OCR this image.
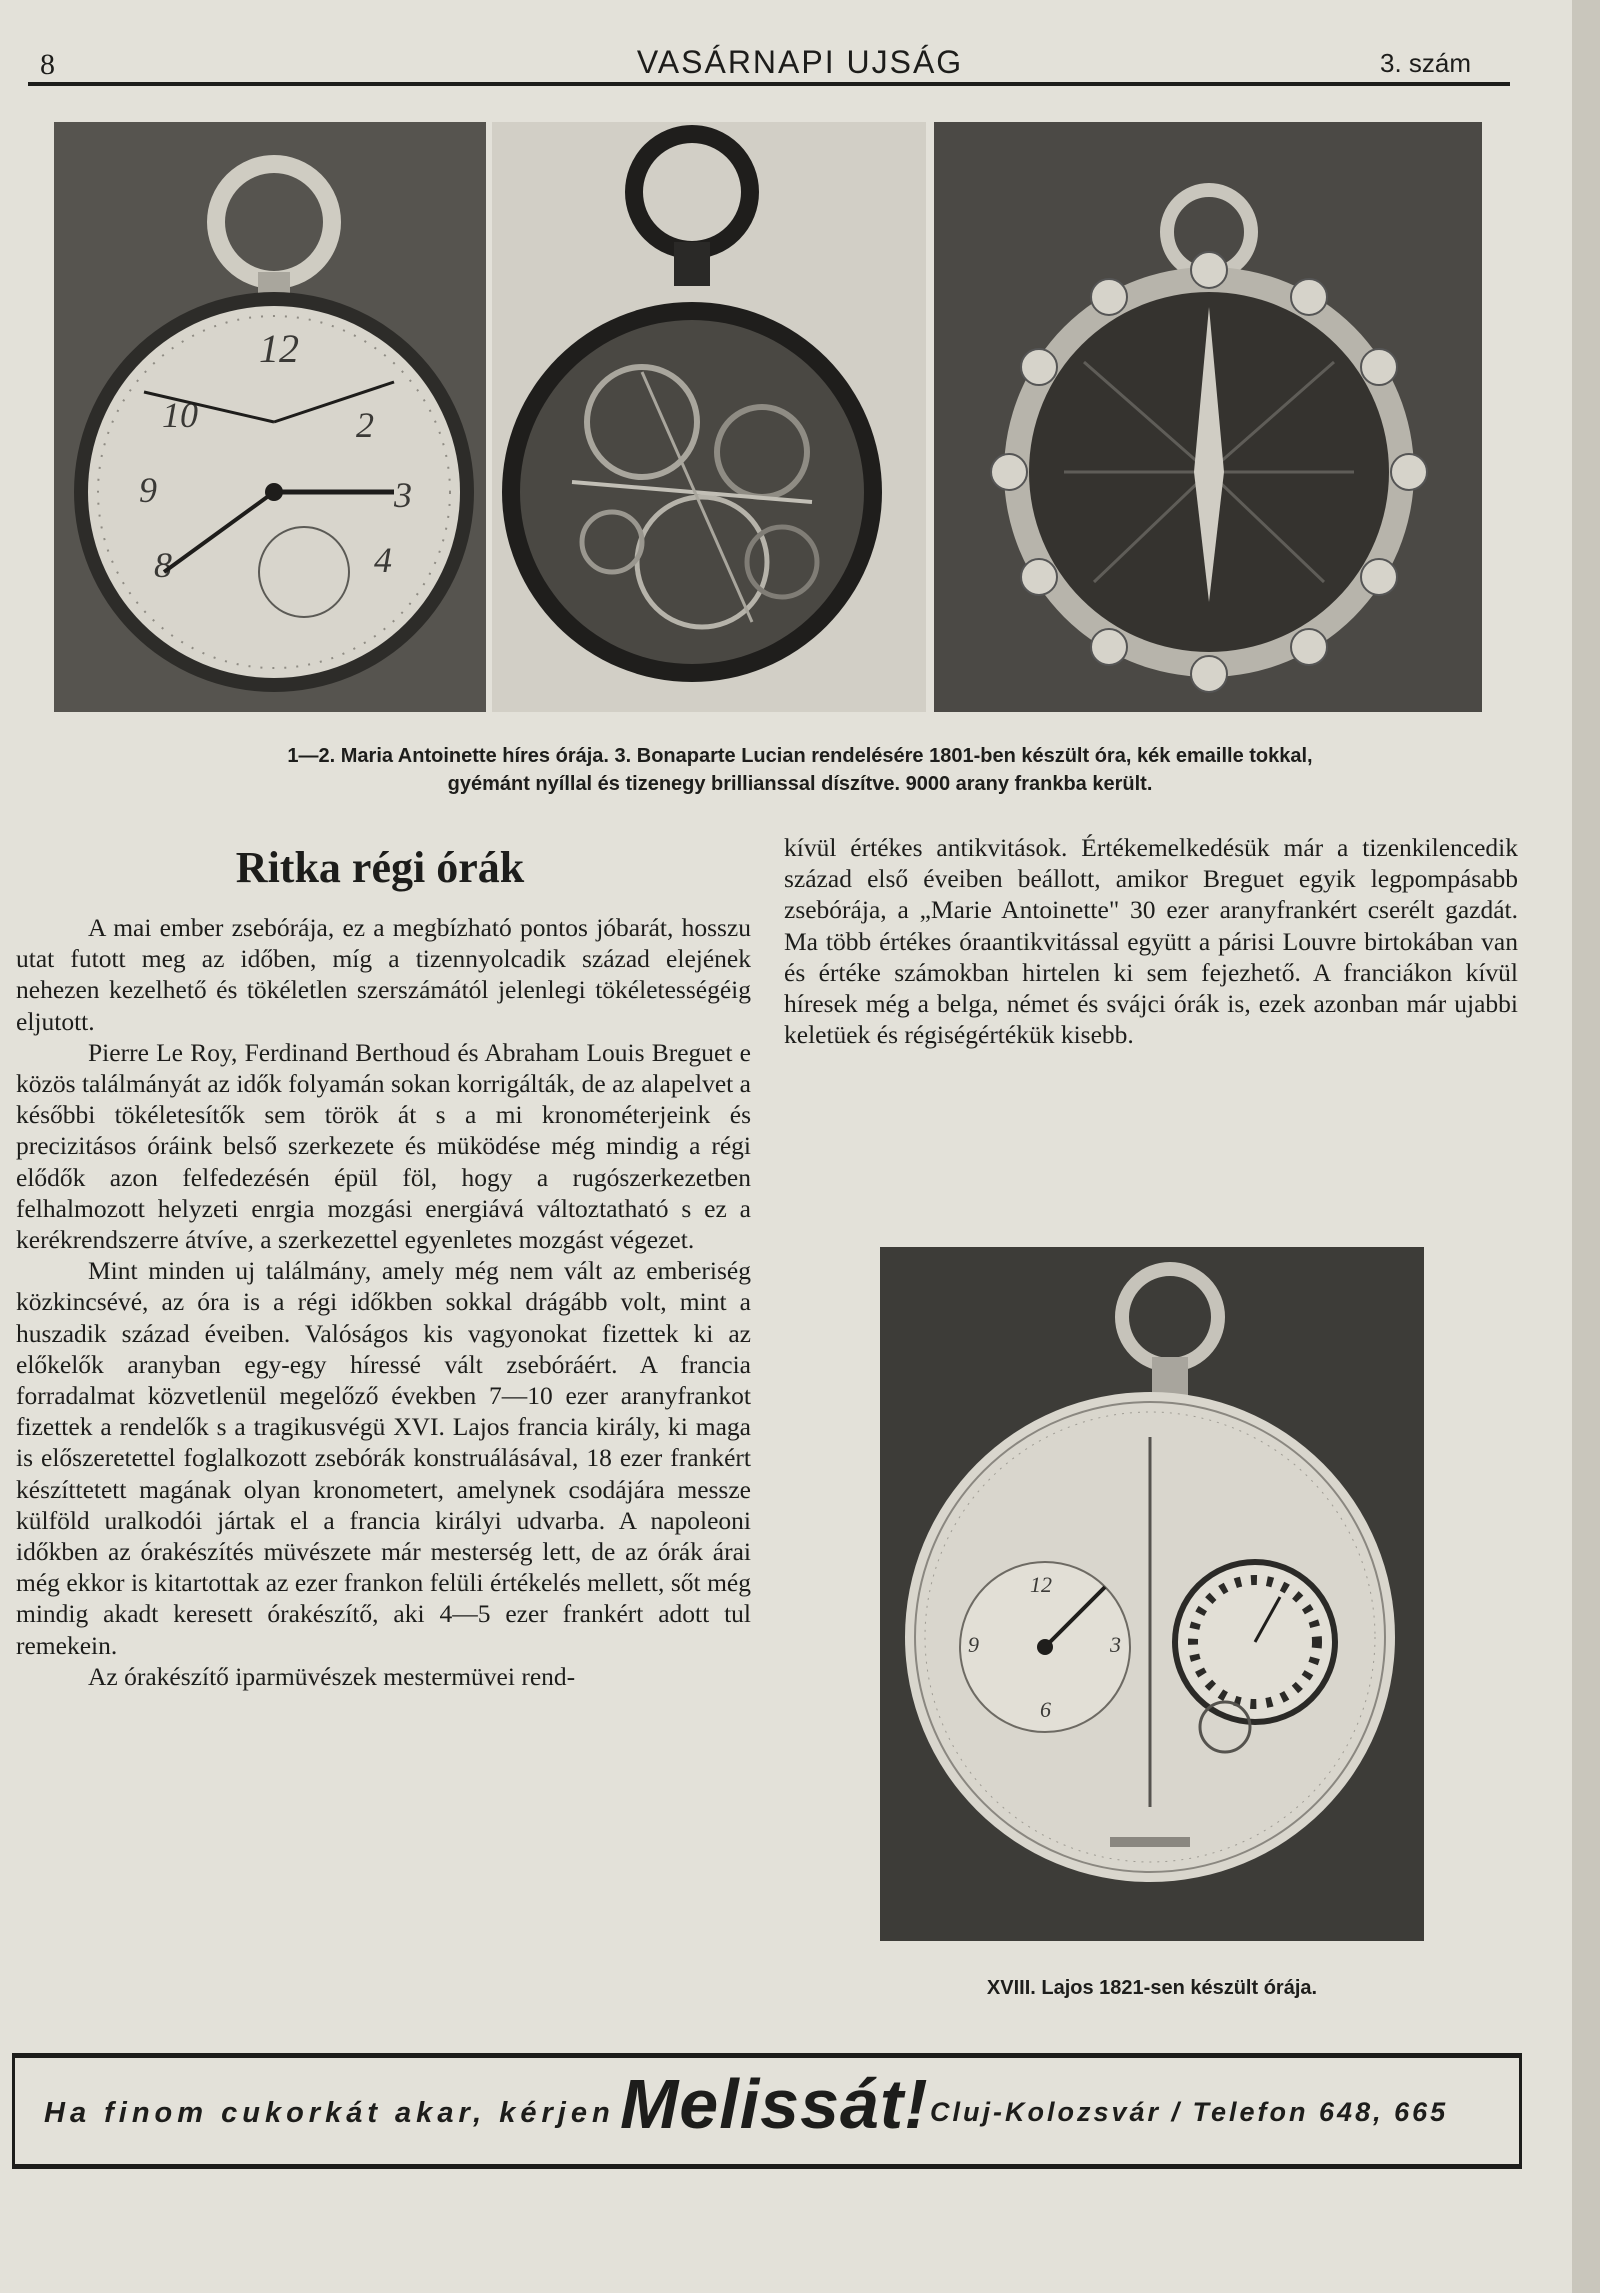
8	VASÁRNAPI UJSÁG	3. szám
12
2
3
9
10
8	4
1—2. Maria Antoinette híres órája. 3. Bonaparte Lucian rendelésére 1801-ben készült óra, kék emaille tokkal,
gyémánt nyíllal és tizenegy brillianssal díszítve. 9000 arany frankba került.
Ritka régi órák

A mai ember zsebórája, ez a megbízható pontos jóbarát, hosszu utat futott meg az időben, míg a tizennyolcadik század elejének nehezen kezelhető és tökéletlen szerszámától jelenlegi tökéletességéig eljutott.

Pierre Le Roy, Ferdinand Berthoud és Abraham Louis Breguet e közös találmányát az idők folyamán sokan korrigálták, de az alapelvet a későbbi tökéletesítők sem török át s a mi kronométerjeink és precizitásos óráink belső szerkezete és müködése még mindig a régi elődők azon felfedezésén épül föl, hogy a rugószerkezetben felhalmozott helyzeti enrgia mozgási energiává változtatható s ez a kerékrendszerre átvíve, a szerkezettel egyenletes mozgást végezet.

Mint minden uj találmány, amely még nem vált az emberiség közkincsévé, az óra is a régi időkben sokkal drágább volt, mint a huszadik század éveiben. Valóságos kis vagyonokat fizettek ki az előkelők aranyban egy-egy híressé vált zsebóráért. A francia forradalmat közvetlenül megelőző években 7—10 ezer aranyfrankot fizettek a rendelők s a tragikusvégü XVI. Lajos francia király, ki maga is előszeretettel foglalkozott zsebórák konstruálásával, 18 ezer frankért készíttetett magának olyan kronometert, amelynek csodájára messze külföld uralkodói jártak el a francia királyi udvarba. A napoleoni időkben az órakészítés müvészete már mesterség lett, de az órák árai még ekkor is kitartottak az ezer frankon felüli értékelés mellett, sőt még mindig akadt keresett órakészítő, aki 4—5 ezer frankért adott tul remekein.

Az órakészítő iparmüvészek mestermüvei rend-

kívül értékes antikvitások. Értékemelkedésük már a tizenkilencedik század első éveiben beállott, amikor Breguet egyik legpompásabb zsebórája, a „Marie Antoinette" 30 ezer aranyfrankért cserélt gazdát. Ma több értékes óraantikvitással együtt a párisi Louvre birtokában van és értéke számokban hirtelen ki sem fejezhető. A franciákon kívül híresek még a belga, német és svájci órák is, ezek azonban már ujabbi keletüek és régiségértékük kisebb.

12
9	3
6
XVIII. Lajos 1821-sen készült órája.
Ha finom cukorkát akar, kérjen Melissát! Cluj-Kolozsvár / Telefon 648, 665
